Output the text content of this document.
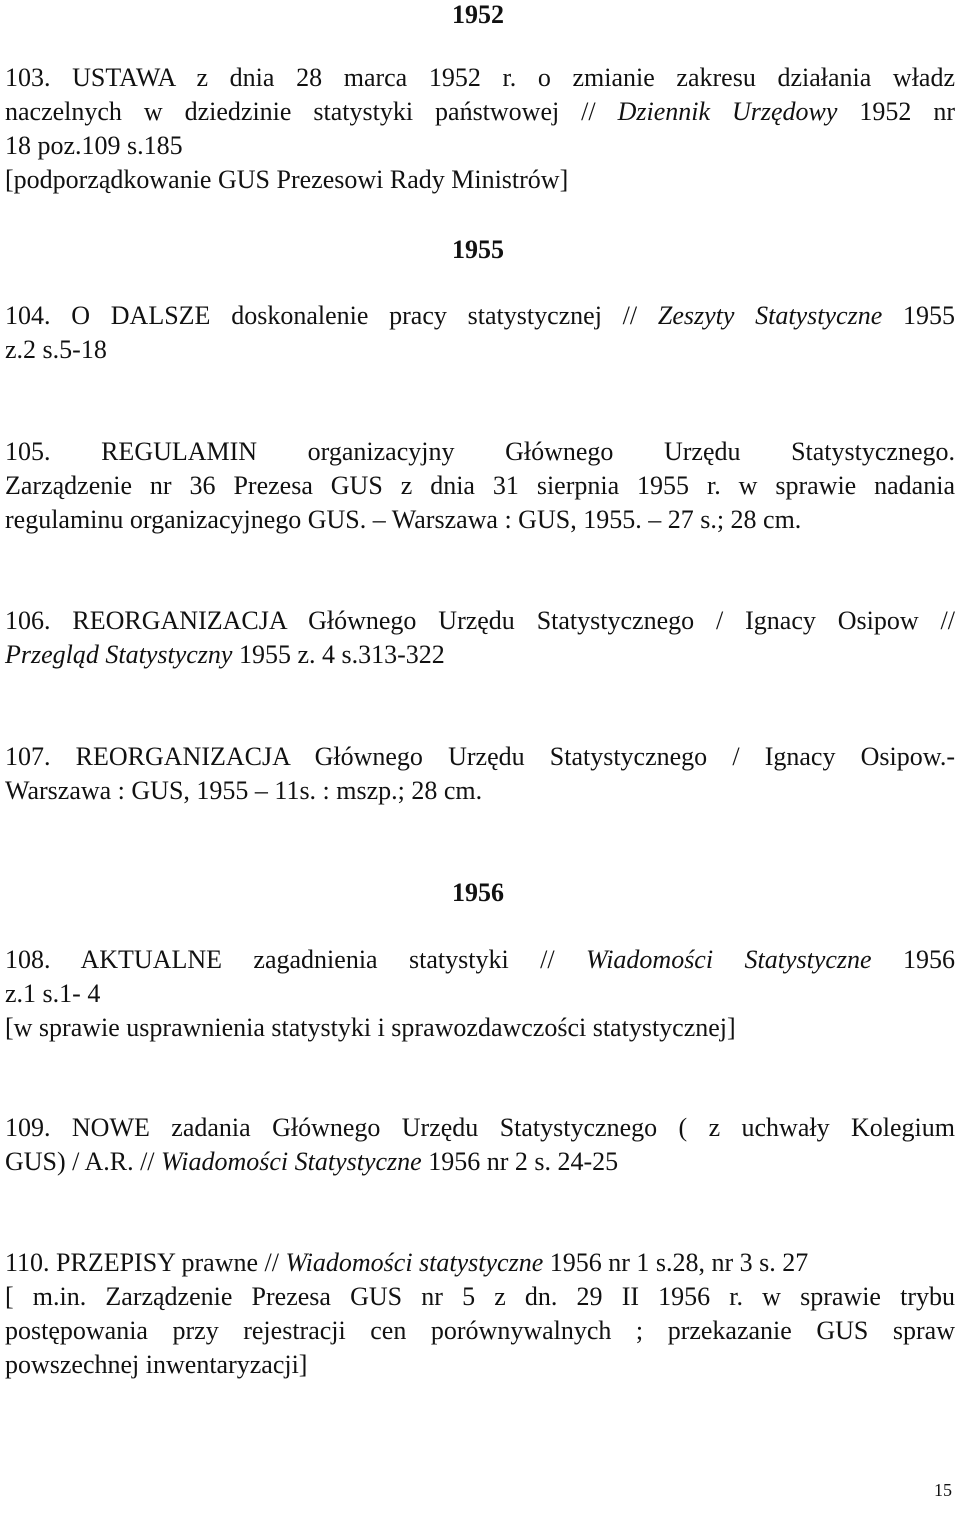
1952
103. USTAWA z dnia 28 marca 1952 r. o zmianie zakresu działania władz
naczelnych w dziedzinie statystyki państwowej // Dziennik Urzędowy 1952 nr
18 poz.109 s.185
[podporządkowanie GUS Prezesowi Rady Ministrów]
1955
104. O DALSZE doskonalenie pracy statystycznej // Zeszyty Statystyczne 1955
z.2 s.5-18
105. REGULAMIN organizacyjny Głównego Urzędu Statystycznego.
Zarządzenie nr 36 Prezesa GUS z dnia 31 sierpnia 1955 r. w sprawie nadania
regulaminu organizacyjnego GUS. – Warszawa : GUS, 1955. – 27 s.; 28 cm.
106. REORGANIZACJA Głównego Urzędu Statystycznego / Ignacy Osipow //
Przegląd Statystyczny 1955 z. 4 s.313-322
107. REORGANIZACJA Głównego Urzędu Statystycznego / Ignacy Osipow.-
Warszawa : GUS, 1955 – 11s. : mszp.; 28 cm.
1956
108. AKTUALNE zagadnienia statystyki // Wiadomości Statystyczne 1956
z.1 s.1- 4
[w sprawie usprawnienia statystyki i sprawozdawczości statystycznej]
109. NOWE zadania Głównego Urzędu Statystycznego ( z uchwały Kolegium
GUS) / A.R. // Wiadomości Statystyczne 1956 nr 2 s. 24-25
110. PRZEPISY prawne // Wiadomości statystyczne 1956 nr 1 s.28, nr 3 s. 27
[ m.in. Zarządzenie Prezesa GUS nr 5 z dn. 29 II 1956 r. w sprawie trybu
postępowania przy rejestracji cen porównywalnych ; przekazanie GUS spraw
powszechnej inwentaryzacji]
15
